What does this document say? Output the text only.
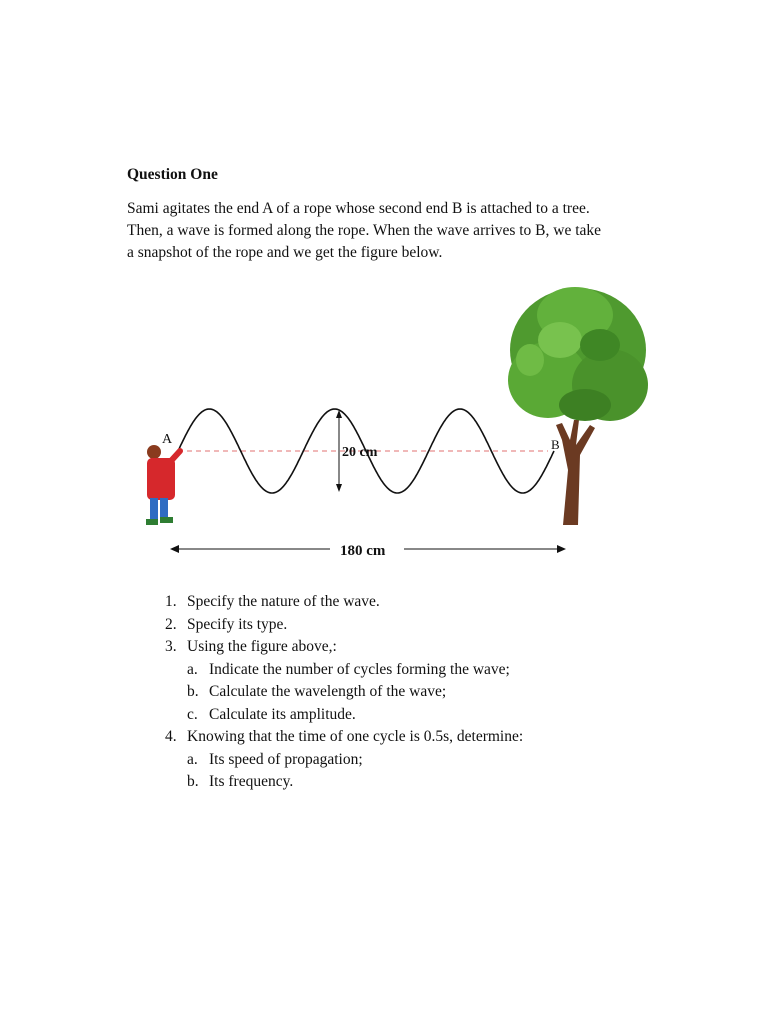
Question One
Sami agitates the end A of a rope whose second end B is attached to a tree.
Then, a wave is formed along the rope. When the wave arrives to B, we take
a snapshot of the rope and we get the figure below.
20 cm
A	B
180 cm
1. Specify the nature of the wave.
2. Specify its type.
3. Using the figure above,:
a. Indicate the number of cycles forming the wave;
b. Calculate the wavelength of the wave;
c. Calculate its amplitude.
4. Knowing that the time of one cycle is 0.5s, determine:
a. Its speed of propagation;
b. Its frequency.
